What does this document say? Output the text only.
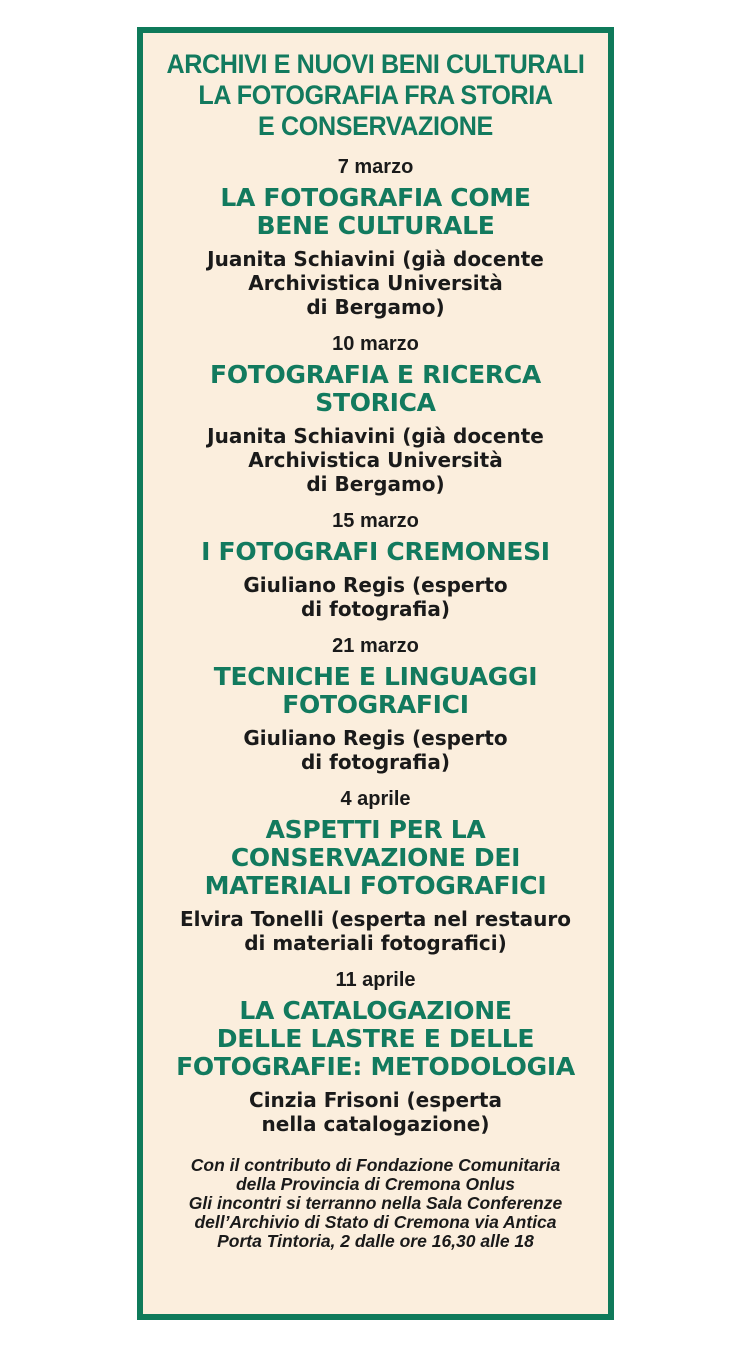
ARCHIVI E NUOVI BENI CULTURALI
LA FOTOGRAFIA FRA STORIA
E CONSERVAZIONE
7 marzo
LA FOTOGRAFIA COME
BENE CULTURALE
Juanita Schiavini (già docente
Archivistica Università
di Bergamo)
10 marzo
FOTOGRAFIA E RICERCA
STORICA
Juanita Schiavini (già docente
Archivistica Università
di Bergamo)
15 marzo
I FOTOGRAFI CREMONESI
Giuliano Regis (esperto
di fotografia)
21 marzo
TECNICHE E LINGUAGGI
FOTOGRAFICI
Giuliano Regis (esperto
di fotografia)
4 aprile
ASPETTI PER LA
CONSERVAZIONE DEI
MATERIALI FOTOGRAFICI
Elvira Tonelli (esperta nel restauro
di materiali fotografici)
11 aprile
LA CATALOGAZIONE
DELLE LASTRE E DELLE
FOTOGRAFIE: METODOLOGIA
Cinzia Frisoni (esperta
nella catalogazione)
Con il contributo di Fondazione Comunitaria
della Provincia di Cremona Onlus
Gli incontri si terranno nella Sala Conferenze
dell’Archivio di Stato di Cremona via Antica
Porta Tintoria, 2 dalle ore 16,30 alle 18
